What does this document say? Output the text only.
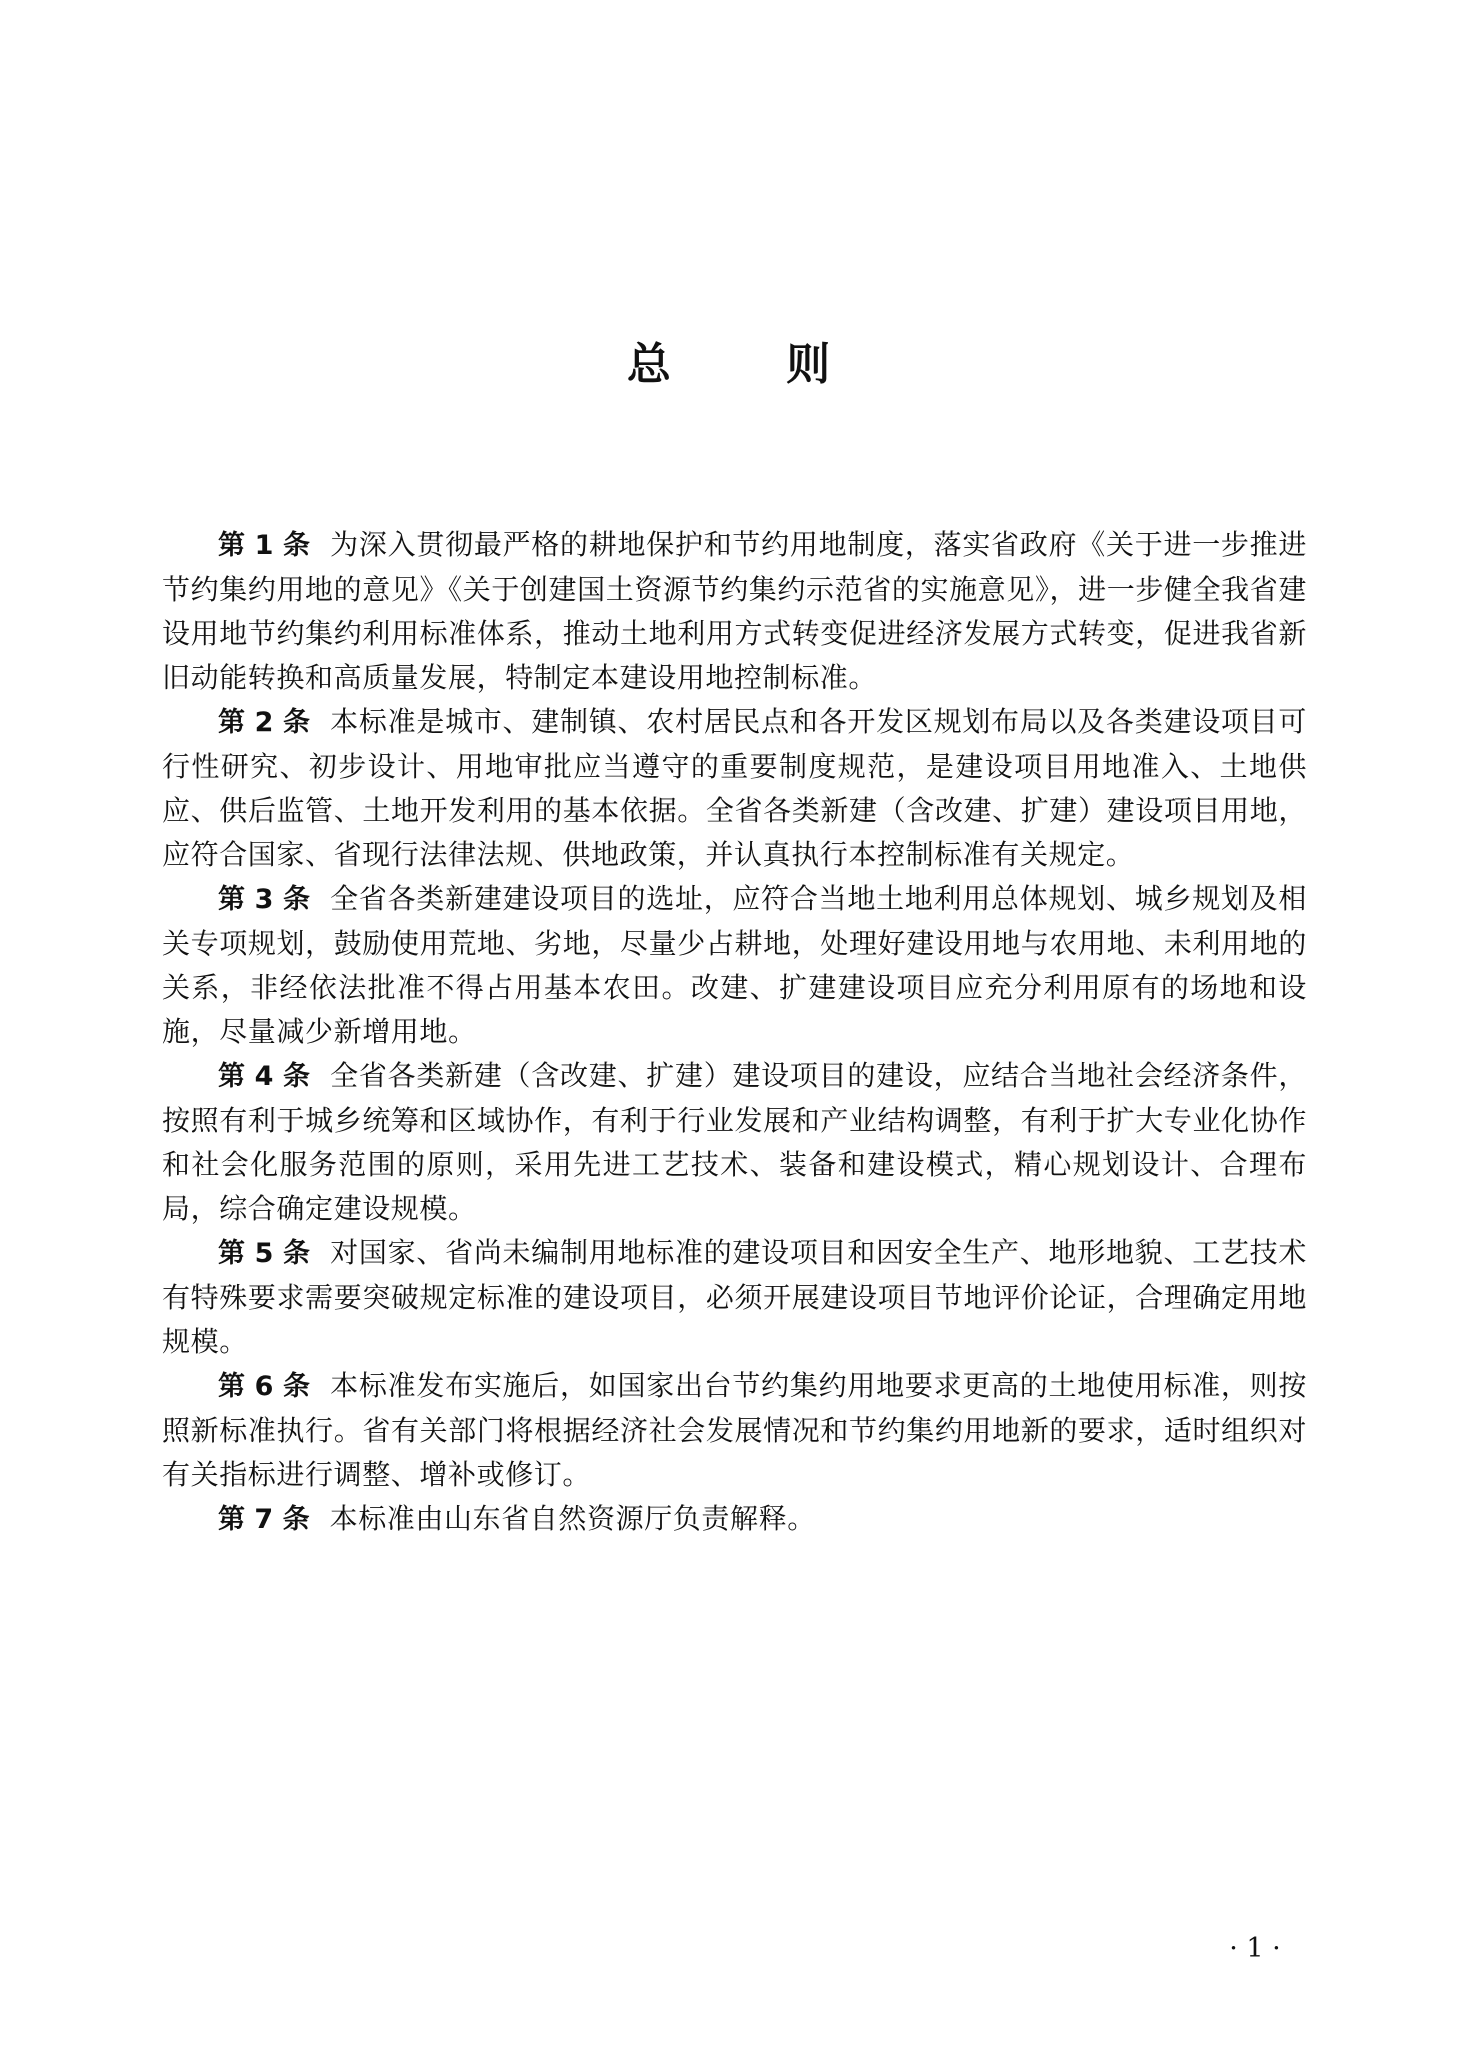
总 则

第 1 条 为深入贯彻最严格的耕地保护和节约用地制度，落实省政府《关于进一步推进节约集约用地的意见》《关于创建国土资源节约集约示范省的实施意见》，进一步健全我省建设用地节约集约利用标准体系，推动土地利用方式转变促进经济发展方式转变，促进我省新旧动能转换和高质量发展，特制定本建设用地控制标准。

第 2 条 本标准是城市、建制镇、农村居民点和各开发区规划布局以及各类建设项目可行性研究、初步设计、用地审批应当遵守的重要制度规范，是建设项目用地准入、土地供应、供后监管、土地开发利用的基本依据。全省各类新建（含改建、扩建）建设项目用地，应符合国家、省现行法律法规、供地政策，并认真执行本控制标准有关规定。

第 3 条 全省各类新建建设项目的选址，应符合当地土地利用总体规划、城乡规划及相关专项规划，鼓励使用荒地、劣地，尽量少占耕地，处理好建设用地与农用地、未利用地的关系，非经依法批准不得占用基本农田。改建、扩建建设项目应充分利用原有的场地和设施，尽量减少新增用地。

第 4 条 全省各类新建（含改建、扩建）建设项目的建设，应结合当地社会经济条件，按照有利于城乡统筹和区域协作，有利于行业发展和产业结构调整，有利于扩大专业化协作和社会化服务范围的原则，采用先进工艺技术、装备和建设模式，精心规划设计、合理布局，综合确定建设规模。

第 5 条 对国家、省尚未编制用地标准的建设项目和因安全生产、地形地貌、工艺技术有特殊要求需要突破规定标准的建设项目，必须开展建设项目节地评价论证，合理确定用地规模。

第 6 条 本标准发布实施后，如国家出台节约集约用地要求更高的土地使用标准，则按照新标准执行。省有关部门将根据经济社会发展情况和节约集约用地新的要求，适时组织对有关指标进行调整、增补或修订。

第 7 条 本标准由山东省自然资源厅负责解释。

· 1 ·
